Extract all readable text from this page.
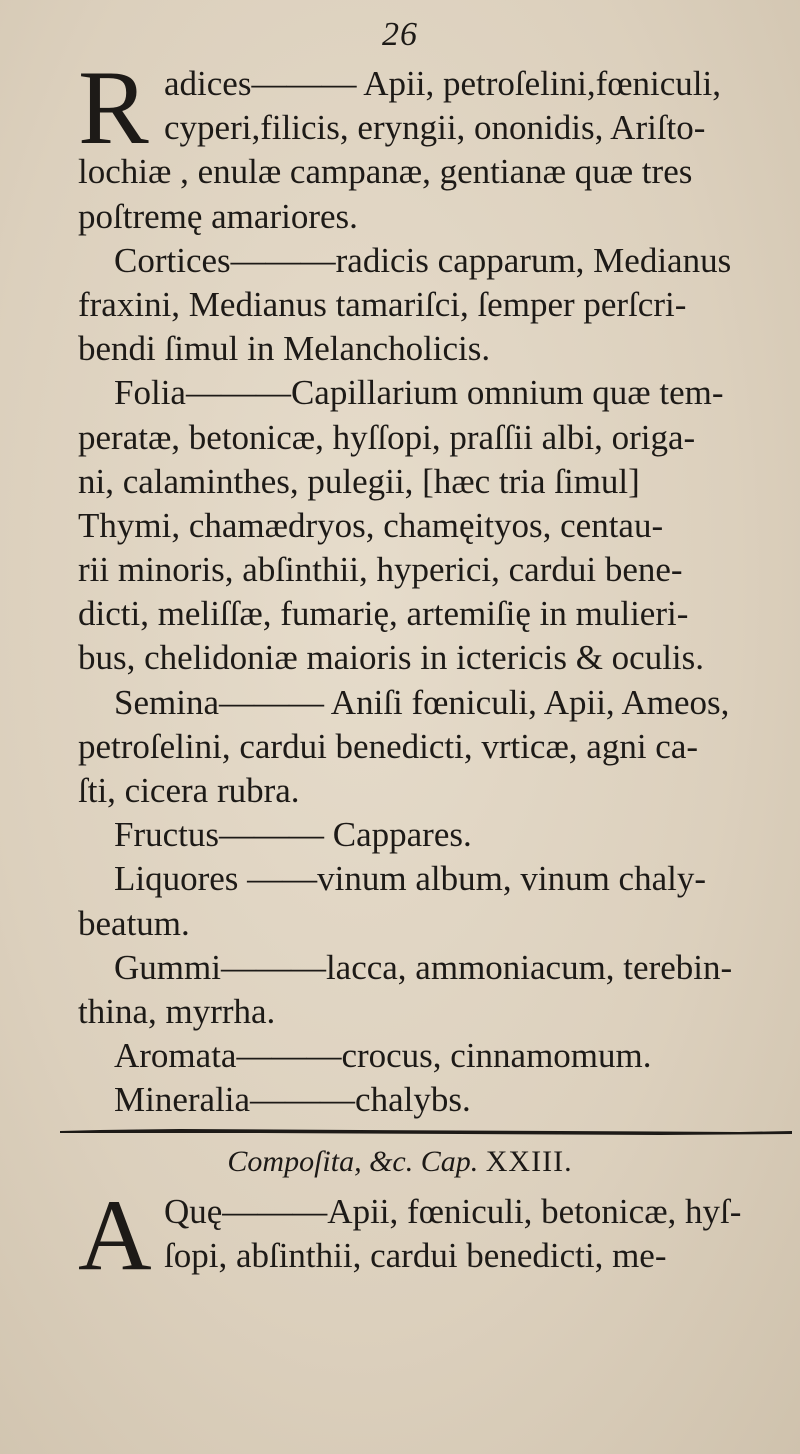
26
R adices——— Apii, petroſelini,fœniculi,
cyperi,filicis, eryngii, ononidis, Ariſto-
lochiæ , enulæ campanæ, gentianæ quæ tres
poſtremę amariores.
Cortices———radicis capparum, Medianus
fraxini, Medianus tamariſci, ſemper perſcri-
bendi ſimul in Melancholicis.
Folia———Capillarium omnium quæ tem-
peratæ, betonicæ, hyſſopi, praſſii albi, origa-
ni, calaminthes, pulegii, [hæc tria ſimul]
Thymi, chamædryos, chamęityos, centau-
rii minoris, abſinthii, hyperici, cardui bene-
dicti, meliſſæ, fumarię, artemiſię in mulieri-
bus, chelidoniæ maioris in ictericis & oculis.
Semina——— Aniſi fœniculi, Apii, Ameos,
petroſelini, cardui benedicti, vrticæ, agni ca-
ſti, cicera rubra.
Fructus——— Cappares.
Liquores ——vinum album, vinum chaly-
beatum.
Gummi———lacca, ammoniacum, terebin-
thina, myrrha.
Aromata———crocus, cinnamomum.
Mineralia———chalybs.
Compoſita, &c. Cap. XXIII.
A Quę———Apii, fœniculi, betonicæ, hyſ-
ſopi, abſinthii, cardui benedicti, me-
